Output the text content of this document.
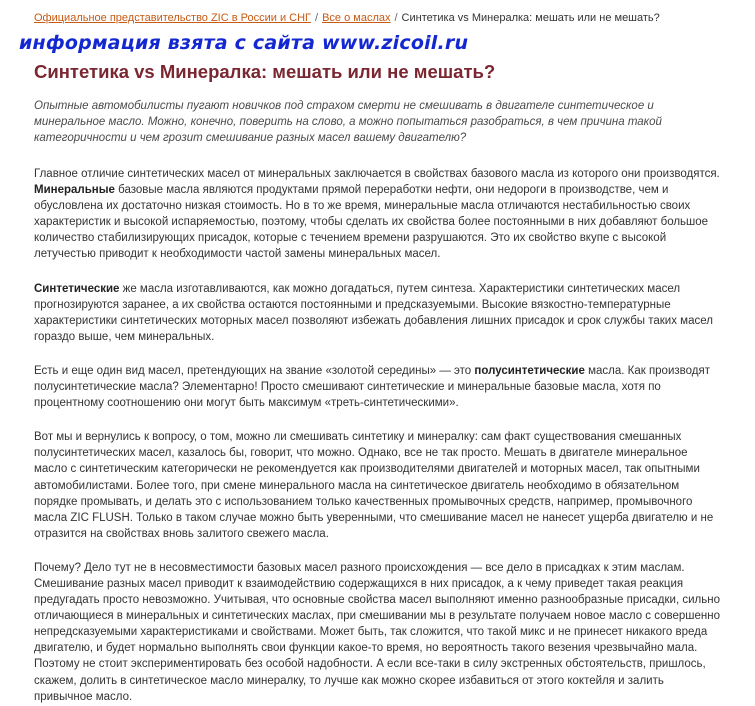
Официальное представительство ZIC в России и СНГ / Все о маслах / Синтетика vs Минералка: мешать или не мешать?
информация взята с сайта www.zicoil.ru
Синтетика vs Минералка: мешать или не мешать?

Опытные автомобилисты пугают новичков под страхом смерти не смешивать в двигателе синтетическое и минеральное масло. Можно, конечно, поверить на слово, а можно попытаться разобраться, в чем причина такой категоричности и чем грозит смешивание разных масел вашему двигателю?

Главное отличие синтетических масел от минеральных заключается в свойствах базового масла из которого они производятся. Минеральные базовые масла являются продуктами прямой переработки нефти, они недороги в производстве, чем и обусловлена их достаточно низкая стоимость. Но в то же время, минеральные масла отличаются нестабильностью своих характеристик и высокой испаряемостью, поэтому, чтобы сделать их свойства более постоянными в них добавляют большое количество стабилизирующих присадок, которые с течением времени разрушаются. Это их свойство вкупе с высокой летучестью приводит к необходимости частой замены минеральных масел.

Синтетические же масла изготавливаются, как можно догадаться, путем синтеза. Характеристики синтетических масел прогнозируются заранее, а их свойства остаются постоянными и предсказуемыми. Высокие вязкостно-температурные характеристики синтетических моторных масел позволяют избежать добавления лишних присадок и срок службы таких масел гораздо выше, чем минеральных.

Есть и еще один вид масел, претендующих на звание «золотой середины» — это полусинтетические масла. Как производят полусинтетические масла? Элементарно! Просто смешивают синтетические и минеральные базовые масла, хотя по процентному соотношению они могут быть максимум «треть-синтетическими».

Вот мы и вернулись к вопросу, о том, можно ли смешивать синтетику и минералку: сам факт существования смешанных полусинтетических масел, казалось бы, говорит, что можно. Однако, все не так просто. Мешать в двигателе минеральное масло с синтетическим категорически не рекомендуется как производителями двигателей и моторных масел, так опытными автомобилистами. Более того, при смене минерального масла на синтетическое двигатель необходимо в обязательном порядке промывать, и делать это с использованием только качественных промывочных средств, например, промывочного масла ZIC FLUSH. Только в таком случае можно быть уверенными, что смешивание масел не нанесет ущерба двигателю и не отразится на свойствах вновь залитого свежего масла.

Почему? Дело тут не в несовместимости базовых масел разного происхождения — все дело в присадках к этим маслам. Смешивание разных масел приводит к взаимодействию содержащихся в них присадок, а к чему приведет такая реакция предугадать просто невозможно. Учитывая, что основные свойства масел выполняют именно разнообразные присадки, сильно отличающиеся в минеральных и синтетических маслах, при смешивании мы в результате получаем новое масло с совершенно непредсказуемыми характеристиками и свойствами. Может быть, так сложится, что такой микс и не принесет никакого вреда двигателю, и будет нормально выполнять свои функции какое-то время, но вероятность такого везения чрезвычайно мала. Поэтому не стоит экспериментировать без особой надобности. А если все-таки в силу экстренных обстоятельств, пришлось, скажем, долить в синтетическое масло минералку, то лучше как можно скорее избавиться от этого коктейля и залить привычное масло.
